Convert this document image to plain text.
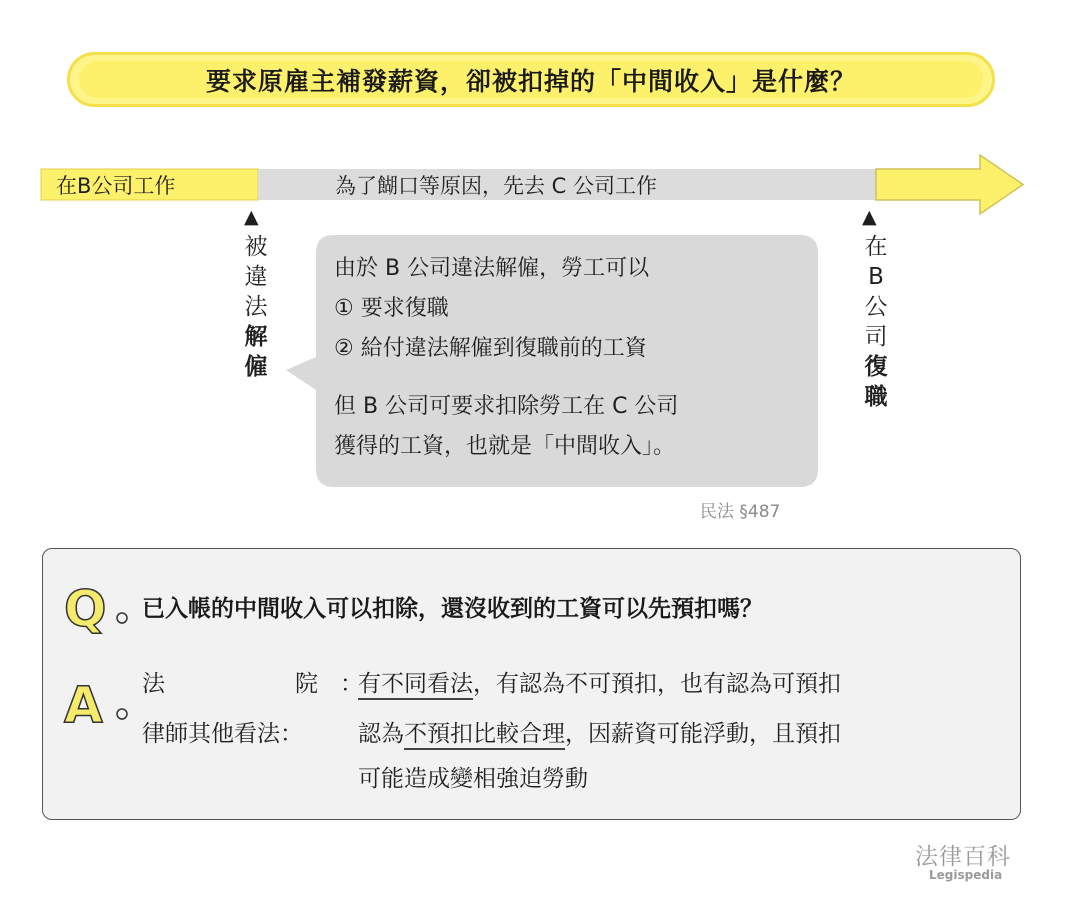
要求原雇主補發薪資，卻被扣掉的「中間收入」是什麼？
在B公司工作	為了餬口等原因，先去 C 公司工作
▲
被
違
法
解
僱
▲
在
B
公
司
復
職
由於 B 公司違法解僱，勞工可以
① 要求復職
② 給付違法解僱到復職前的工資
但 B 公司可要求扣除勞工在 C 公司
獲得的工資，也就是「中間收入」。
民法 §487
Q 已入帳的中間收入可以扣除，還沒收到的工資可以先預扣嗎？
A 法	院 ：
有不同看法，有認為不可預扣，也有認為可預扣
律師其他看法： 認為不預扣比較合理，因薪資可能浮動，且預扣
可能造成變相強迫勞動
法律百科
Legispedia
